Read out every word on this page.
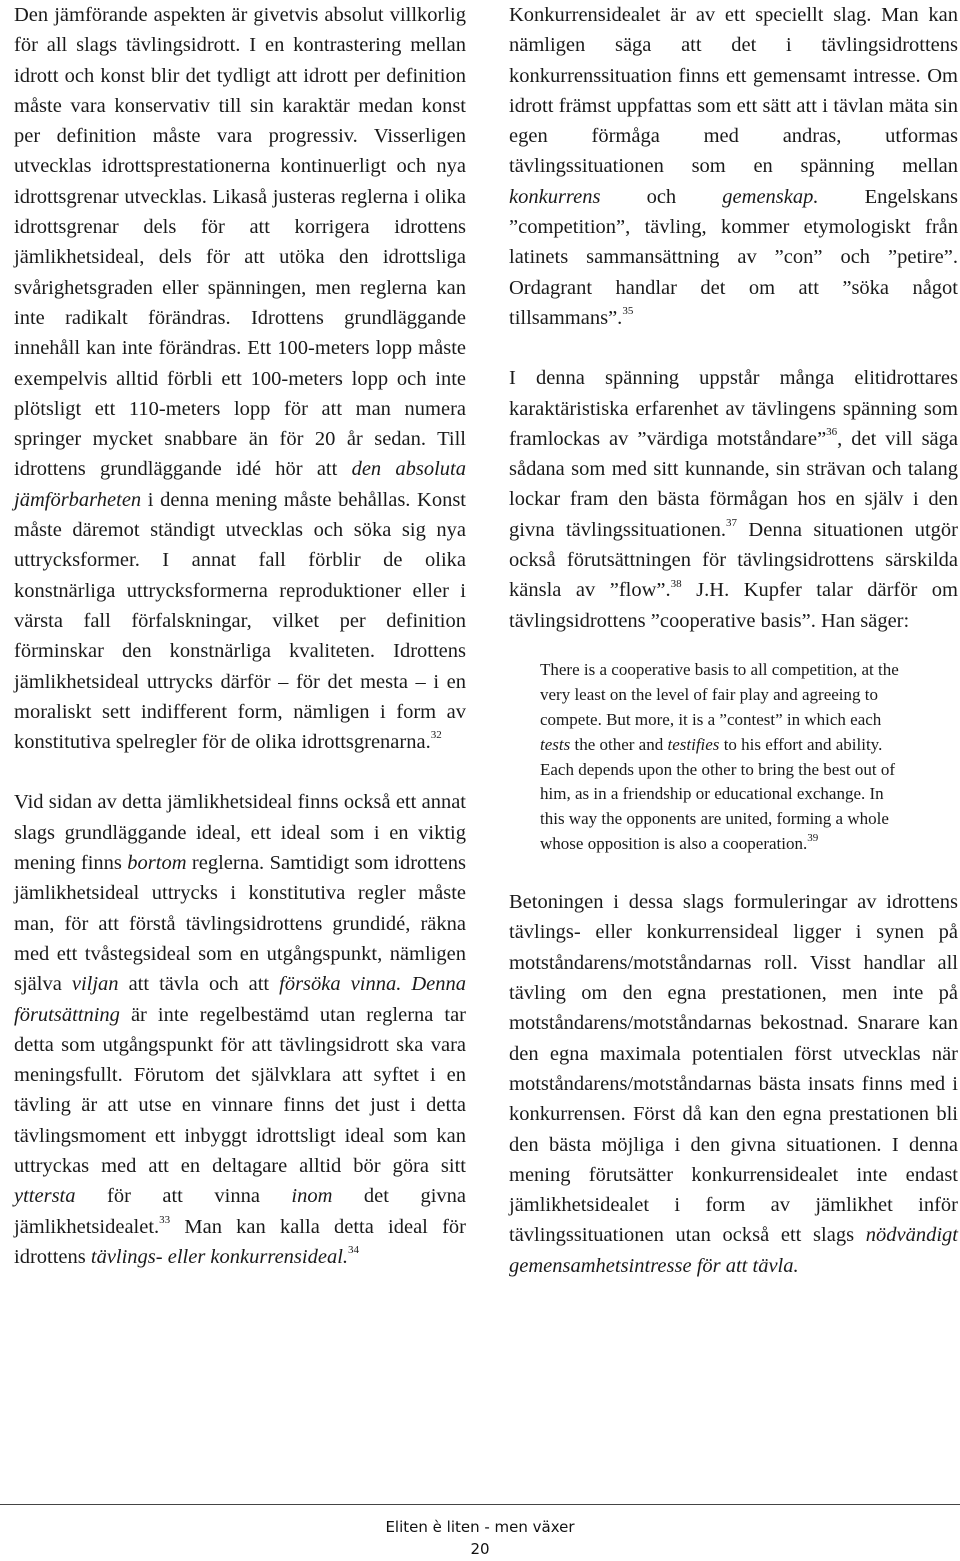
Den jämförande aspekten är givetvis absolut villkorlig för all slags tävlingsidrott. I en kontrastering mellan idrott och konst blir det tydligt att idrott per definition måste vara konservativ till sin karaktär medan konst per definition måste vara progressiv. Visserligen utvecklas idrottsprestationerna kontinuerligt och nya idrottsgrenar utvecklas. Likaså justeras reglerna i olika idrottsgrenar dels för att korrigera idrottens jämlikhetsideal, dels för att utöka den idrottsliga svårighetsgraden eller spänningen, men reglerna kan inte radikalt förändras. Idrottens grundläggande innehåll kan inte förändras. Ett 100-meters lopp måste exempelvis alltid förbli ett 100-meters lopp och inte plötsligt ett 110-meters lopp för att man numera springer mycket snabbare än för 20 år sedan. Till idrottens grundläggande idé hör att den absoluta jämförbarheten i denna mening måste behållas. Konst måste däremot ständigt utvecklas och söka sig nya uttrycksformer. I annat fall förblir de olika konstnärliga uttrycksformerna reproduktioner eller i värsta fall förfalskningar, vilket per definition förminskar den konstnärliga kvaliteten. Idrottens jämlikhetsideal uttrycks därför – för det mesta – i en moraliskt sett indifferent form, nämligen i form av konstitutiva spelregler för de olika idrottsgrenarna.$^{32}$

Vid sidan av detta jämlikhetsideal finns också ett annat slags grundläggande ideal, ett ideal som i en viktig mening finns bortom reglerna. Samtidigt som idrottens jämlikhetsideal uttrycks i konstitutiva regler måste man, för att förstå tävlingsidrottens grundidé, räkna med ett tvåstegsideal som en utgångspunkt, nämligen själva viljan att tävla och att försöka vinna. Denna förutsättning är inte regelbestämd utan reglerna tar detta som utgångspunkt för att tävlingsidrott ska vara meningsfullt. Förutom det självklara att syftet i en tävling är att utse en vinnare finns det just i detta tävlingsmoment ett inbyggt idrottsligt ideal som kan uttryckas med att en deltagare alltid bör göra sitt yttersta för att vinna inom det givna jämlikhetsidealet.$^{33}$ Man kan kalla detta ideal för idrottens tävlings- eller konkurrensideal.$^{34}$

Konkurrensidealet är av ett speciellt slag. Man kan nämligen säga att det i tävlingsidrottens konkurrenssituation finns ett gemensamt intresse. Om idrott främst uppfattas som ett sätt att i tävlan mäta sin egen förmåga med andras, utformas tävlingssituationen som en spänning mellan konkurrens och gemenskap. Engelskans ”competition”, tävling, kommer etymologiskt från latinets sammansättning av ”con” och ”petire”. Ordagrant handlar det om att ”söka något tillsammans”.$^{35}$

I denna spänning uppstår många elitidrottares karaktäristiska erfarenhet av tävlingens spänning som framlockas av ”värdiga motståndare”$^{36}$, det vill säga sådana som med sitt kunnande, sin strävan och talang lockar fram den bästa förmågan hos en själv i den givna tävlingssituationen.$^{37}$ Denna situationen utgör också förutsättningen för tävlingsidrottens särskilda känsla av ”flow”.$^{38}$ J.H. Kupfer talar därför om tävlingsidrottens ”cooperative basis”. Han säger:

There is a cooperative basis to all competition, at the very least on the level of fair play and agreeing to compete. But more, it is a ”contest” in which each tests the other and testifies to his effort and ability. Each depends upon the other to bring the best out of him, as in a friendship or educational exchange. In this way the opponents are united, forming a whole whose opposition is also a cooperation.$^{39}$

Betoningen i dessa slags formuleringar av idrottens tävlings- eller konkurrensideal ligger i synen på motståndarens/motståndarnas roll. Visst handlar all tävling om den egna prestationen, men inte på motståndarens/motståndarnas bekostnad. Snarare kan den egna maximala potentialen först utvecklas när motståndarens/motståndarnas bästa insats finns med i konkurrensen. Först då kan den egna prestationen bli den bästa möjliga i den givna situationen. I denna mening förutsätter konkurrensidealet inte endast jämlikhetsidealet i form av jämlikhet inför tävlingssituationen utan också ett slags nödvändigt gemensamhetsintresse för att tävla.

Eliten è liten - men växer
20
